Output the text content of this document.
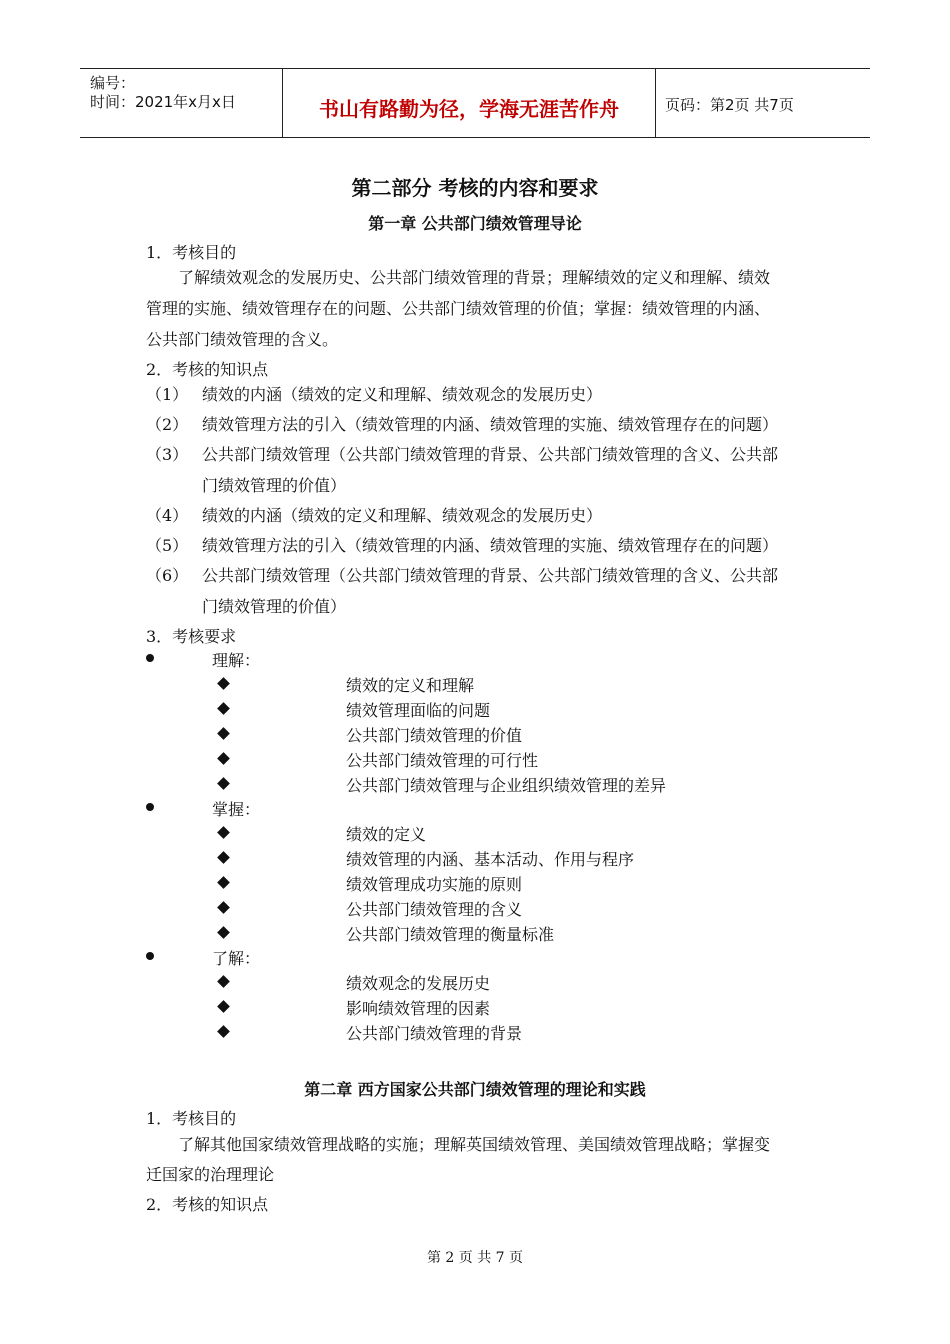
编号：
时间：2021年x月x日	书山有路勤为径，学海无涯苦作舟	页码：第2页 共7页
第二部分 考核的内容和要求
第一章 公共部门绩效管理导论
1．考核目的
了解绩效观念的发展历史、公共部门绩效管理的背景；理解绩效的定义和理解、绩效
管理的实施、绩效管理存在的问题、公共部门绩效管理的价值；掌握：绩效管理的内涵、
公共部门绩效管理的含义。
2．考核的知识点
（1） 绩效的内涵（绩效的定义和理解、绩效观念的发展历史）
（2） 绩效管理方法的引入（绩效管理的内涵、绩效管理的实施、绩效管理存在的问题）
（3） 公共部门绩效管理（公共部门绩效管理的背景、公共部门绩效管理的含义、公共部
门绩效管理的价值）
（4） 绩效的内涵（绩效的定义和理解、绩效观念的发展历史）
（5） 绩效管理方法的引入（绩效管理的内涵、绩效管理的实施、绩效管理存在的问题）
（6） 公共部门绩效管理（公共部门绩效管理的背景、公共部门绩效管理的含义、公共部
门绩效管理的价值）
3．考核要求
理解：
绩效的定义和理解
绩效管理面临的问题
公共部门绩效管理的价值
公共部门绩效管理的可行性
公共部门绩效管理与企业组织绩效管理的差异
掌握：
绩效的定义
绩效管理的内涵、基本活动、作用与程序
绩效管理成功实施的原则
公共部门绩效管理的含义
公共部门绩效管理的衡量标准
了解：
绩效观念的发展历史
影响绩效管理的因素
公共部门绩效管理的背景
第二章 西方国家公共部门绩效管理的理论和实践
1．考核目的
了解其他国家绩效管理战略的实施；理解英国绩效管理、美国绩效管理战略；掌握变
迁国家的治理理论
2．考核的知识点
第 2 页 共 7 页
